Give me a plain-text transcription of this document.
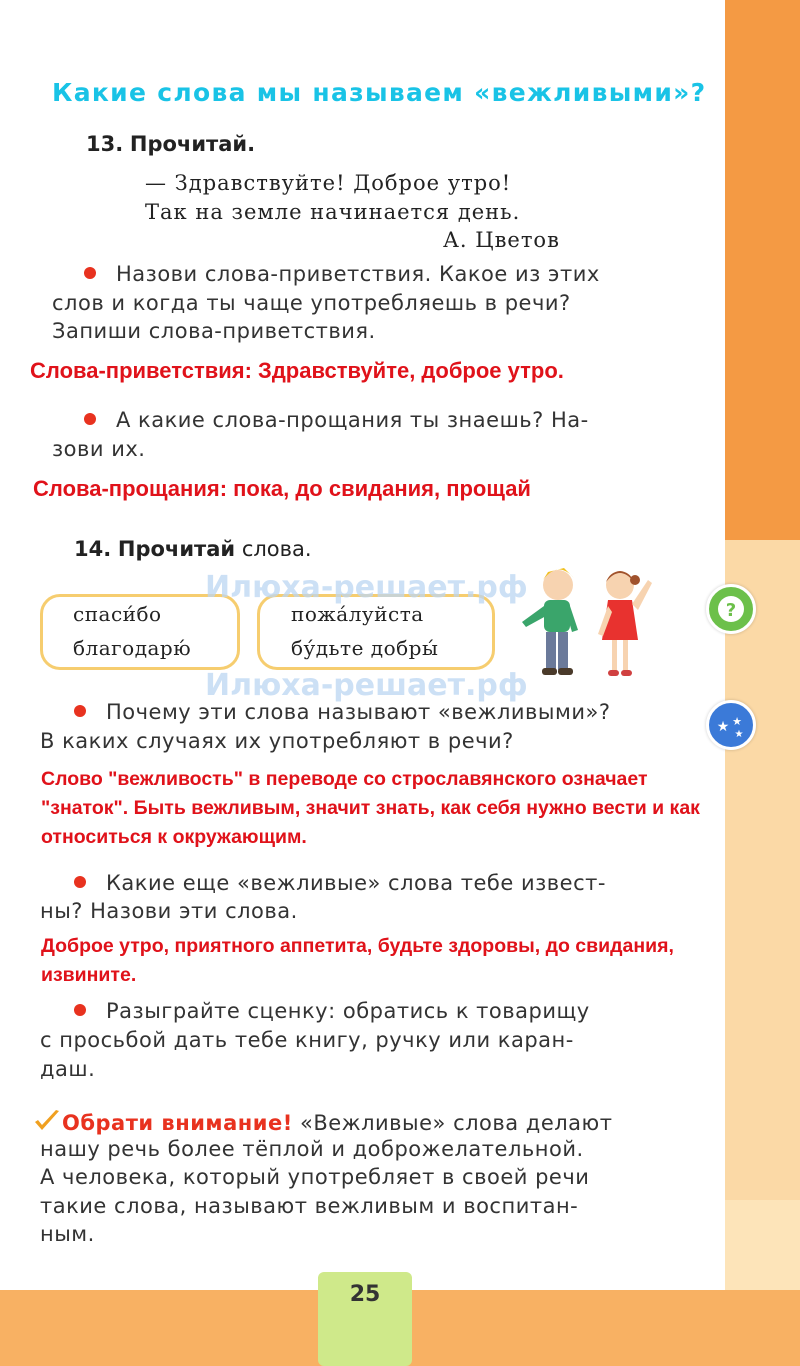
Какие слова мы называем «вежливыми»?
13. Прочитай.
— Здравствуйте! Доброе утро!
Так на земле начинается день.
А. Цветов
Назови слова-приветствия. Какое из этих
слов и когда ты чаще употребляешь в речи?
Запиши слова-приветствия.
Слова-приветствия: Здравствуйте, доброе утро.
А какие слова-прощания ты знаешь? На-
зови их.
Слова-прощания: пока, до свидания, прощай
14. Прочитай слова.
спаси́бо
благодарю́
пожа́луйста
бу́дьте добры́
Почему эти слова называют «вежливыми»?
В каких случаях их употребляют в речи?
Слово "вежливость" в переводе со строславянского означает "знаток". Быть вежливым, значит знать, как себя нужно вести и как относиться к окружающим.
Какие еще «вежливые» слова тебе извест-
ны? Назови эти слова.
Доброе утро, приятного аппетита, будьте здоровы, до свидания, извините.
Разыграйте сценку: обратись к товарищу
с просьбой дать тебе книгу, ручку или каран-
даш.
Обрати внимание! «Вежливые» слова делают
нашу речь более тёплой и доброжелательной.
А человека, который употребляет в своей речи
такие слова, называют вежливым и воспитан-
ным.
Илюха-решает.рф
Илюха-решает.рф
?
★ ★
★
25
